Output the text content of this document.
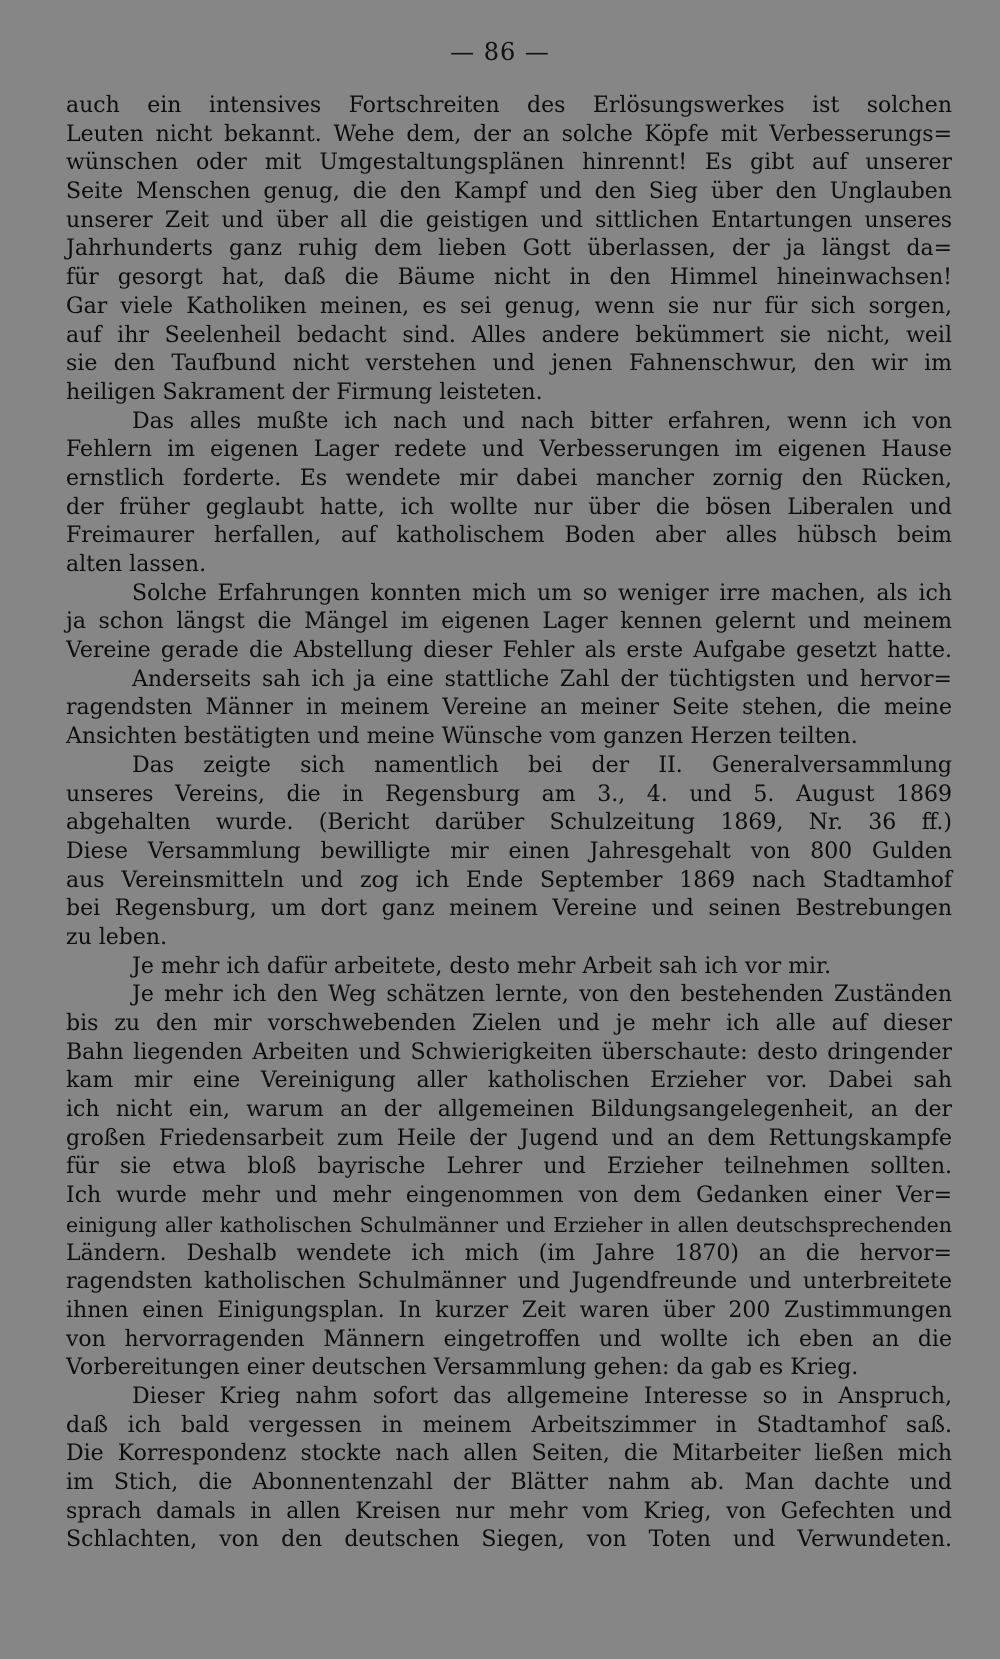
— 86 —
auch ein intensives Fortschreiten des Erlösungswerkes ist solchen
Leuten nicht bekannt. Wehe dem, der an solche Köpfe mit Verbesserungs=
wünschen oder mit Umgestaltungsplänen hinrennt! Es gibt auf unserer
Seite Menschen genug, die den Kampf und den Sieg über den Unglauben
unserer Zeit und über all die geistigen und sittlichen Entartungen unseres
Jahrhunderts ganz ruhig dem lieben Gott überlassen, der ja längst da=
für gesorgt hat, daß die Bäume nicht in den Himmel hineinwachsen!
Gar viele Katholiken meinen, es sei genug, wenn sie nur für sich sorgen,
auf ihr Seelenheil bedacht sind. Alles andere bekümmert sie nicht, weil
sie den Taufbund nicht verstehen und jenen Fahnenschwur, den wir im
heiligen Sakrament der Firmung leisteten.
Das alles mußte ich nach und nach bitter erfahren, wenn ich von
Fehlern im eigenen Lager redete und Verbesserungen im eigenen Hause
ernstlich forderte. Es wendete mir dabei mancher zornig den Rücken,
der früher geglaubt hatte, ich wollte nur über die bösen Liberalen und
Freimaurer herfallen, auf katholischem Boden aber alles hübsch beim
alten lassen.
Solche Erfahrungen konnten mich um so weniger irre machen, als ich
ja schon längst die Mängel im eigenen Lager kennen gelernt und meinem
Vereine gerade die Abstellung dieser Fehler als erste Aufgabe gesetzt hatte.
Anderseits sah ich ja eine stattliche Zahl der tüchtigsten und hervor=
ragendsten Männer in meinem Vereine an meiner Seite stehen, die meine
Ansichten bestätigten und meine Wünsche vom ganzen Herzen teilten.
Das zeigte sich namentlich bei der II. Generalversammlung
unseres Vereins, die in Regensburg am 3., 4. und 5. August 1869
abgehalten wurde. (Bericht darüber Schulzeitung 1869, Nr. 36 ff.)
Diese Versammlung bewilligte mir einen Jahresgehalt von 800 Gulden
aus Vereinsmitteln und zog ich Ende September 1869 nach Stadtamhof
bei Regensburg, um dort ganz meinem Vereine und seinen Bestrebungen
zu leben.
Je mehr ich dafür arbeitete, desto mehr Arbeit sah ich vor mir.
Je mehr ich den Weg schätzen lernte, von den bestehenden Zuständen
bis zu den mir vorschwebenden Zielen und je mehr ich alle auf dieser
Bahn liegenden Arbeiten und Schwierigkeiten überschaute: desto dringender
kam mir eine Vereinigung aller katholischen Erzieher vor. Dabei sah
ich nicht ein, warum an der allgemeinen Bildungsangelegenheit, an der
großen Friedensarbeit zum Heile der Jugend und an dem Rettungskampfe
für sie etwa bloß bayrische Lehrer und Erzieher teilnehmen sollten.
Ich wurde mehr und mehr eingenommen von dem Gedanken einer Ver=
einigung aller katholischen Schulmänner und Erzieher in allen deutschsprechenden
Ländern. Deshalb wendete ich mich (im Jahre 1870) an die hervor=
ragendsten katholischen Schulmänner und Jugendfreunde und unterbreitete
ihnen einen Einigungsplan. In kurzer Zeit waren über 200 Zustimmungen
von hervorragenden Männern eingetroffen und wollte ich eben an die
Vorbereitungen einer deutschen Versammlung gehen: da gab es Krieg.
Dieser Krieg nahm sofort das allgemeine Interesse so in Anspruch,
daß ich bald vergessen in meinem Arbeitszimmer in Stadtamhof saß.
Die Korrespondenz stockte nach allen Seiten, die Mitarbeiter ließen mich
im Stich, die Abonnentenzahl der Blätter nahm ab. Man dachte und
sprach damals in allen Kreisen nur mehr vom Krieg, von Gefechten und
Schlachten, von den deutschen Siegen, von Toten und Verwundeten.
